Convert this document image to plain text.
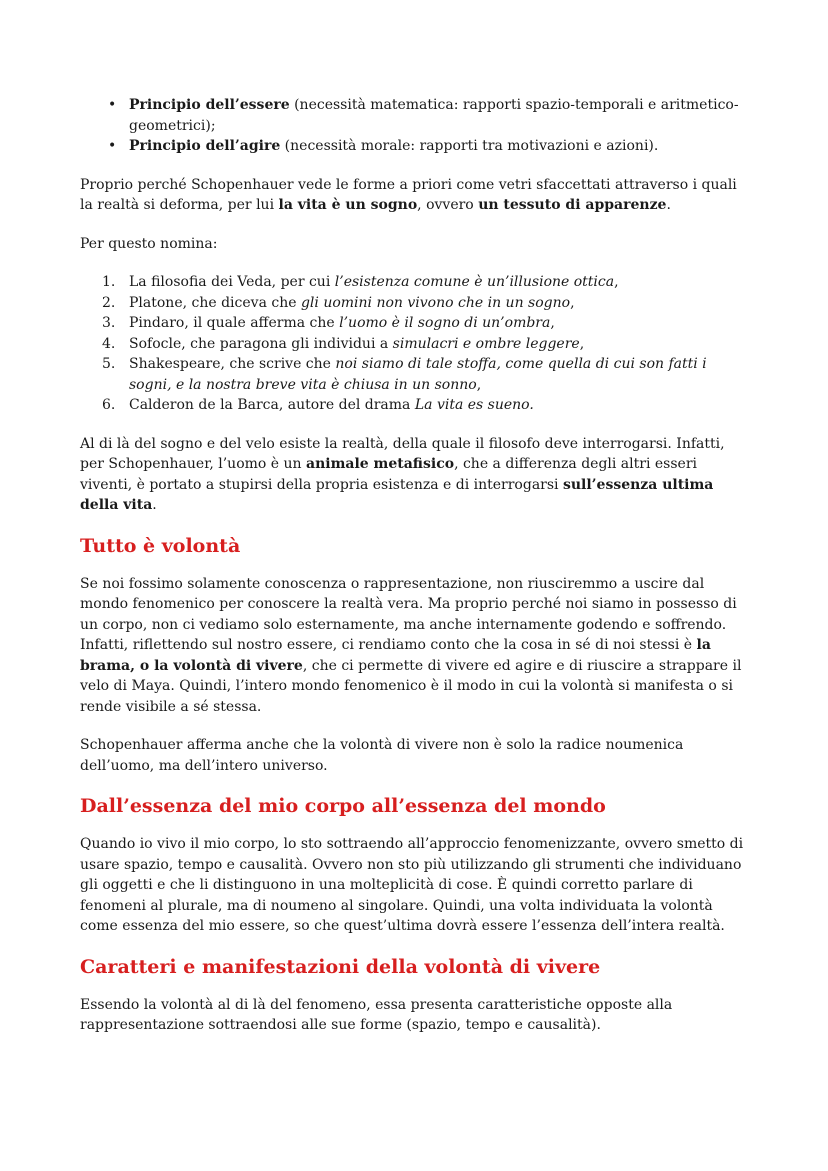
• Principio dell’essere (necessità matematica: rapporti spazio-temporali e aritmetico-geometrici);
• Principio dell’agire (necessità morale: rapporti tra motivazioni e azioni).

Proprio perché Schopenhauer vede le forme a priori come vetri sfaccettati attraverso i quali la realtà si deforma, per lui la vita è un sogno, ovvero un tessuto di apparenze.

Per questo nomina:

1. La filosofia dei Veda, per cui l’esistenza comune è un’illusione ottica,
2. Platone, che diceva che gli uomini non vivono che in un sogno,
3. Pindaro, il quale afferma che l’uomo è il sogno di un’ombra,
4. Sofocle, che paragona gli individui a simulacri e ombre leggere,
5. Shakespeare, che scrive che noi siamo di tale stoffa, come quella di cui son fatti i sogni, e la nostra breve vita è chiusa in un sonno,
6. Calderon de la Barca, autore del drama La vita es sueno.

Al di là del sogno e del velo esiste la realtà, della quale il filosofo deve interrogarsi. Infatti, per Schopenhauer, l’uomo è un animale metafisico, che a differenza degli altri esseri viventi, è portato a stupirsi della propria esistenza e di interrogarsi sull’essenza ultima della vita.

Tutto è volontà

Se noi fossimo solamente conoscenza o rappresentazione, non riusciremmo a uscire dal mondo fenomenico per conoscere la realtà vera. Ma proprio perché noi siamo in possesso di un corpo, non ci vediamo solo esternamente, ma anche internamente godendo e soffrendo. Infatti, riflettendo sul nostro essere, ci rendiamo conto che la cosa in sé di noi stessi è la brama, o la volontà di vivere, che ci permette di vivere ed agire e di riuscire a strappare il velo di Maya. Quindi, l’intero mondo fenomenico è il modo in cui la volontà si manifesta o si rende visibile a sé stessa.

Schopenhauer afferma anche che la volontà di vivere non è solo la radice noumenica dell’uomo, ma dell’intero universo.

Dall’essenza del mio corpo all’essenza del mondo

Quando io vivo il mio corpo, lo sto sottraendo all’approccio fenomenizzante, ovvero smetto di usare spazio, tempo e causalità. Ovvero non sto più utilizzando gli strumenti che individuano gli oggetti e che li distinguono in una molteplicità di cose. È quindi corretto parlare di fenomeni al plurale, ma di noumeno al singolare. Quindi, una volta individuata la volontà come essenza del mio essere, so che quest’ultima dovrà essere l’essenza dell’intera realtà.

Caratteri e manifestazioni della volontà di vivere

Essendo la volontà al di là del fenomeno, essa presenta caratteristiche opposte alla rappresentazione sottraendosi alle sue forme (spazio, tempo e causalità).
